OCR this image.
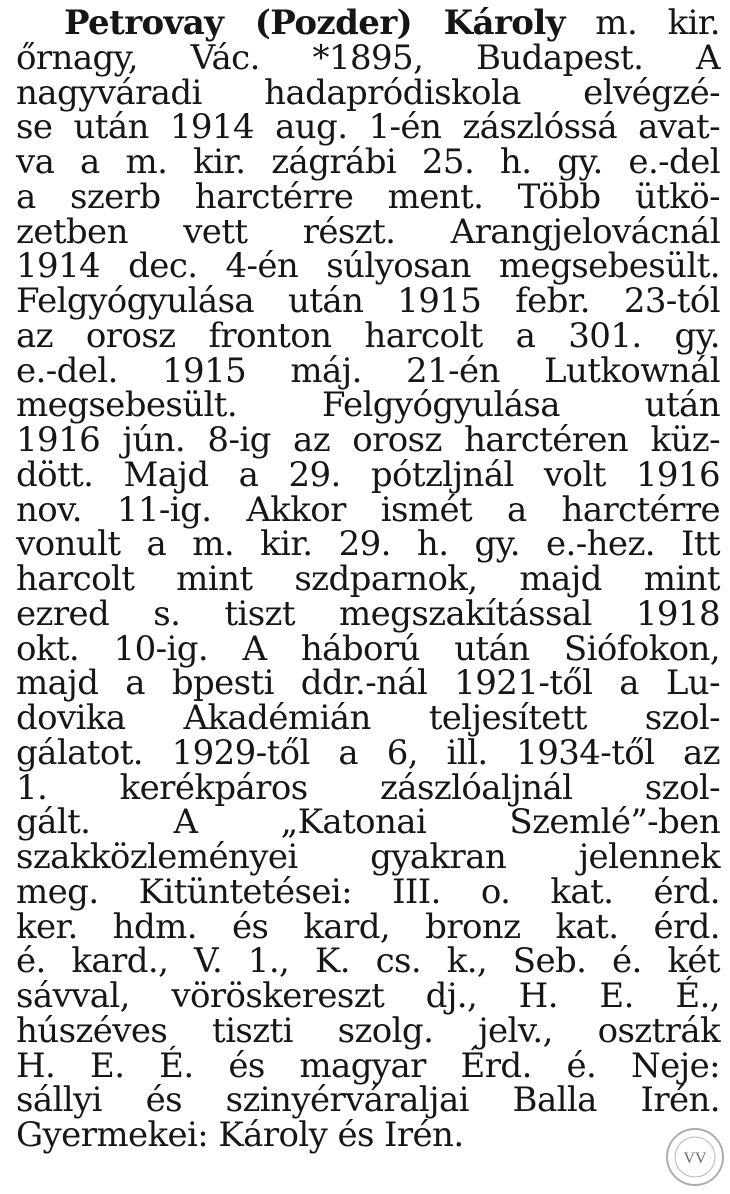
Petrovay (Pozder) Károly m. kir.
őrnagy, Vác. *1895, Budapest. A
nagyváradi hadapródiskola elvégzé-
se után 1914 aug. 1-én zászlóssá avat-
va a m. kir. zágrábi 25. h. gy. e.-del
a szerb harctérre ment. Több ütkö-
zetben vett részt. Arangjelovácnál
1914 dec. 4-én súlyosan megsebesült.
Felgyógyulása után 1915 febr. 23-tól
az orosz fronton harcolt a 301. gy.
e.-del. 1915 máj. 21-én Lutkownál
megsebesült. Felgyógyulása után
1916 jún. 8-ig az orosz harctéren küz-
dött. Majd a 29. pótzljnál volt 1916
nov. 11-ig. Akkor ismét a harctérre
vonult a m. kir. 29. h. gy. e.-hez. Itt
harcolt mint szdparnok, majd mint
ezred s. tiszt megszakítással 1918
okt. 10-ig. A háború után Siófokon,
majd a bpesti ddr.-nál 1921-től a Lu-
dovika Akadémián teljesített szol-
gálatot. 1929-től a 6, ill. 1934-től az
1. kerékpáros zászlóaljnál szol-
gált. A „Katonai Szemlé”-ben
szakközleményei gyakran jelennek
meg. Kitüntetései: III. o. kat. érd.
ker. hdm. és kard, bronz kat. érd.
é. kard., V. 1., K. cs. k., Seb. é. két
sávval, vöröskereszt dj., H. E. É.,
húszéves tiszti szolg. jelv., osztrák
H. E. É. és magyar Érd. é. Neje:
sállyi és szinyérváraljai Balla Irén.
Gyermekei: Károly és Irén.
VV
